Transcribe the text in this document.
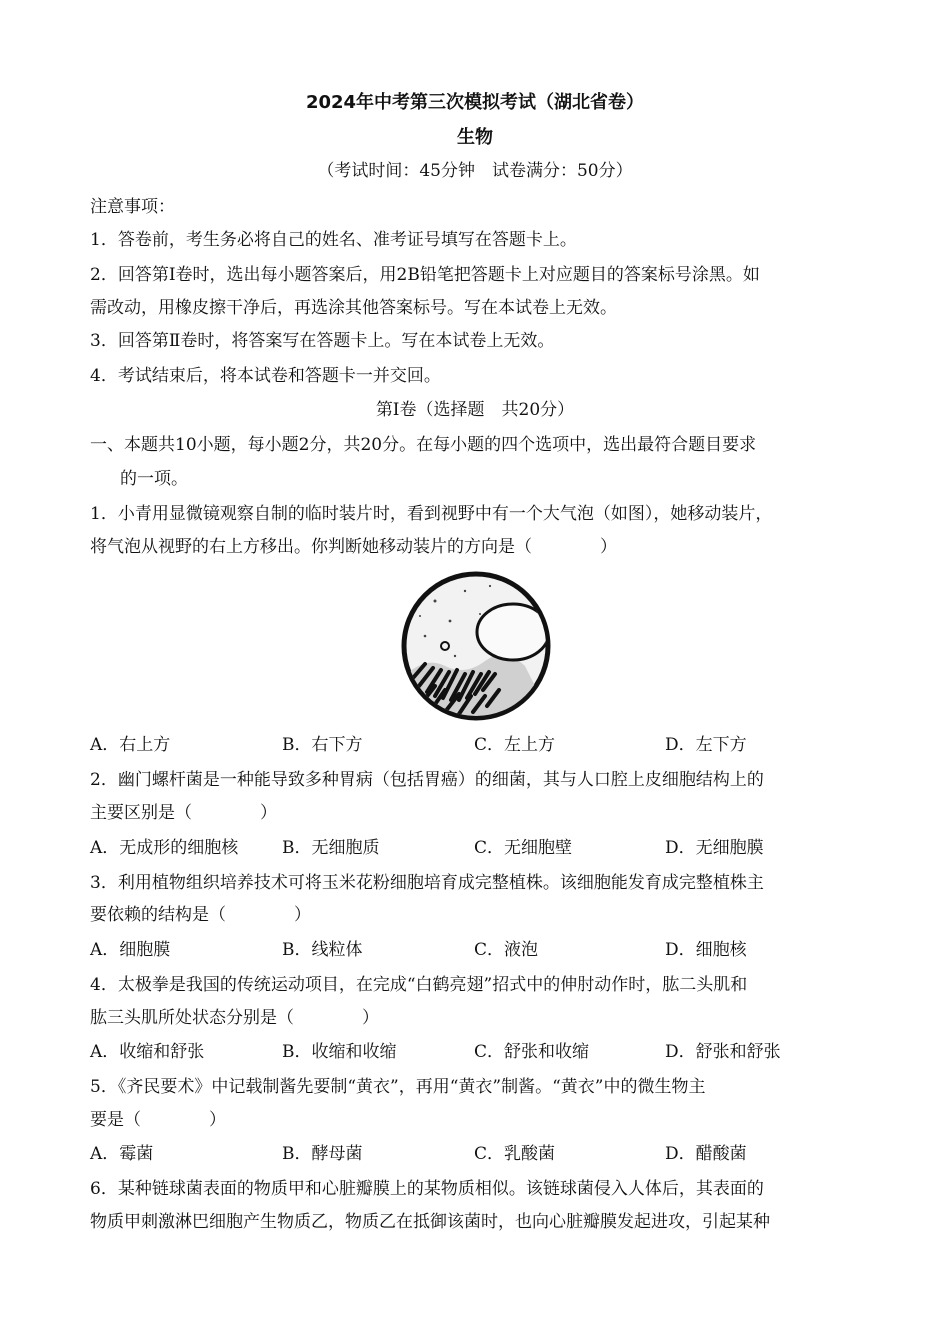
2024年中考第三次模拟考试（湖北省卷）
生物
（考试时间：45分钟　试卷满分：50分）
注意事项：
1．答卷前，考生务必将自己的姓名、准考证号填写在答题卡上。
2．回答第Ⅰ卷时，选出每小题答案后，用2B铅笔把答题卡上对应题目的答案标号涂黑。如
需改动，用橡皮擦干净后，再选涂其他答案标号。写在本试卷上无效。
3．回答第Ⅱ卷时，将答案写在答题卡上。写在本试卷上无效。
4．考试结束后，将本试卷和答题卡一并交回。
第Ⅰ卷（选择题　共20分）
一、本题共10小题，每小题2分，共20分。在每小题的四个选项中，选出最符合题目要求
的一项。
1．小青用显微镜观察自制的临时装片时，看到视野中有一个大气泡（如图），她移动装片，
将气泡从视野的右上方移出。你判断她移动装片的方向是（　　　　）
A．右上方	B．右下方	C．左上方	D．左下方
2．幽门螺杆菌是一种能导致多种胃病（包括胃癌）的细菌，其与人口腔上皮细胞结构上的
主要区别是（　　　　）
A．无成形的细胞核	B．无细胞质	C．无细胞壁	D．无细胞膜
3．利用植物组织培养技术可将玉米花粉细胞培育成完整植株。该细胞能发育成完整植株主
要依赖的结构是（　　　　）
A．细胞膜	B．线粒体	C．液泡	D．细胞核
4．太极拳是我国的传统运动项目，在完成“白鹤亮翅”招式中的伸肘动作时，肱二头肌和
肱三头肌所处状态分别是（　　　　）
A．收缩和舒张	B．收缩和收缩	C．舒张和收缩	D．舒张和舒张
5．《齐民要术》中记载制酱先要制“黄衣”，再用“黄衣”制酱。“黄衣”中的微生物主
要是（　　　　）
A．霉菌	B．酵母菌	C．乳酸菌	D．醋酸菌
6．某种链球菌表面的物质甲和心脏瓣膜上的某物质相似。该链球菌侵入人体后，其表面的
物质甲刺激淋巴细胞产生物质乙，物质乙在抵御该菌时，也向心脏瓣膜发起进攻，引起某种
